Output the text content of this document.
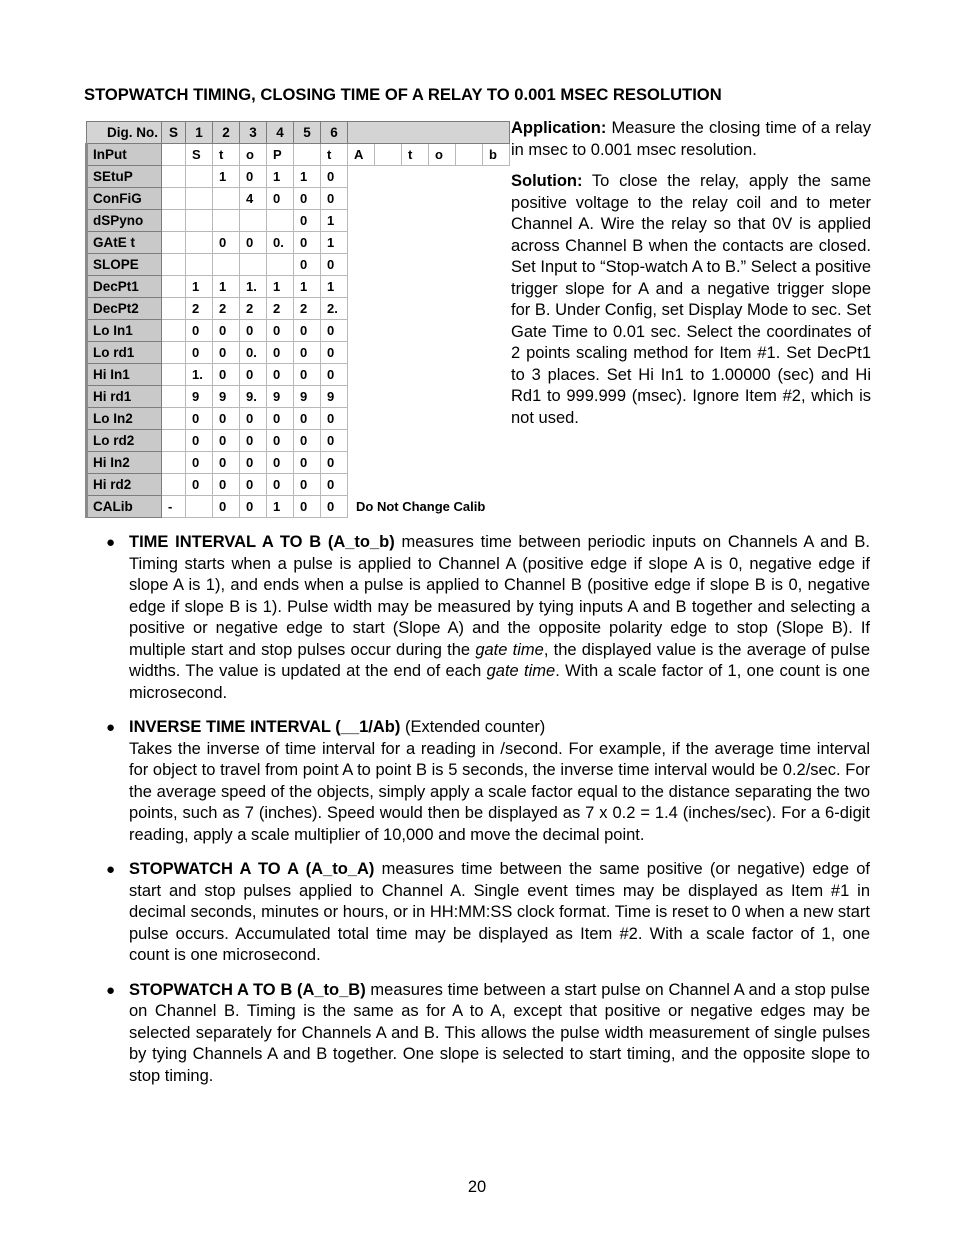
STOPWATCH TIMING, CLOSING TIME OF A RELAY TO 0.001 MSEC RESOLUTION
Dig. No.	S	1	2	3	4	5	6						
InPut		S	t	o	P		t	A		t	o		b
SEtuP			1	0	1	1	0						
ConFiG				4	0	0	0						
dSPyno						0	1						
GAtE t			0	0	0.	0	1						
SLOPE						0	0						
DecPt1		1	1	1.	1	1	1						
DecPt2		2	2	2	2	2	2.						
Lo In1		0	0	0	0	0	0						
Lo rd1		0	0	0.	0	0	0						
Hi In1		1.	0	0	0	0	0						
Hi rd1		9	9	9.	9	9	9						
Lo In2		0	0	0	0	0	0						
Lo rd2		0	0	0	0	0	0						
Hi In2		0	0	0	0	0	0						
Hi rd2		0	0	0	0	0	0						
CALib	-		0	0	1	0	0	Do Not Change Calib					

Application: Measure the closing time of a relay in msec to 0.001 msec resolution.

Solution: To close the relay, apply the same positive voltage to the relay coil and to meter Channel A. Wire the relay so that 0V is applied across Channel B when the contacts are closed. Set Input to “Stop-watch A to B.” Select a positive trigger slope for A and a negative trigger slope for B. Under Config, set Display Mode to sec. Set Gate Time to 0.01 sec. Select the coordinates of 2 points scaling method for Item #1. Set DecPt1 to 3 places. Set Hi In1 to 1.00000 (sec) and Hi Rd1 to 999.999 (msec). Ignore Item #2, which is not used.

● TIME INTERVAL A TO B (A_to_b) measures time between periodic inputs on Channels A and B. Timing starts when a pulse is applied to Channel A (positive edge if slope A is 0, negative edge if slope A is 1), and ends when a pulse is applied to Channel B (positive edge if slope B is 0, negative edge if slope B is 1). Pulse width may be measured by tying inputs A and B together and selecting a positive or negative edge to start (Slope A) and the opposite polarity edge to stop (Slope B). If multiple start and stop pulses occur during the gate time, the displayed value is the average of pulse widths. The value is updated at the end of each gate time. With a scale factor of 1, one count is one microsecond.
● INVERSE TIME INTERVAL (__1/Ab) (Extended counter)
Takes the inverse of time interval for a reading in /second. For example, if the average time interval for object to travel from point A to point B is 5 seconds, the inverse time interval would be 0.2/sec. For the average speed of the objects, simply apply a scale factor equal to the distance separating the two points, such as 7 (inches). Speed would then be displayed as 7 x 0.2 = 1.4 (inches/sec). For a 6-digit reading, apply a scale multiplier of 10,000 and move the decimal point.
● STOPWATCH A TO A (A_to_A) measures time between the same positive (or negative) edge of start and stop pulses applied to Channel A. Single event times may be displayed as Item #1 in decimal seconds, minutes or hours, or in HH:MM:SS clock format. Time is reset to 0 when a new start pulse occurs. Accumulated total time may be displayed as Item #2. With a scale factor of 1, one count is one microsecond.
● STOPWATCH A TO B (A_to_B) measures time between a start pulse on Channel A and a stop pulse on Channel B. Timing is the same as for A to A, except that positive or negative edges may be selected separately for Channels A and B. This allows the pulse width measurement of single pulses by tying Channels A and B together. One slope is selected to start timing, and the opposite slope to stop timing.
20
